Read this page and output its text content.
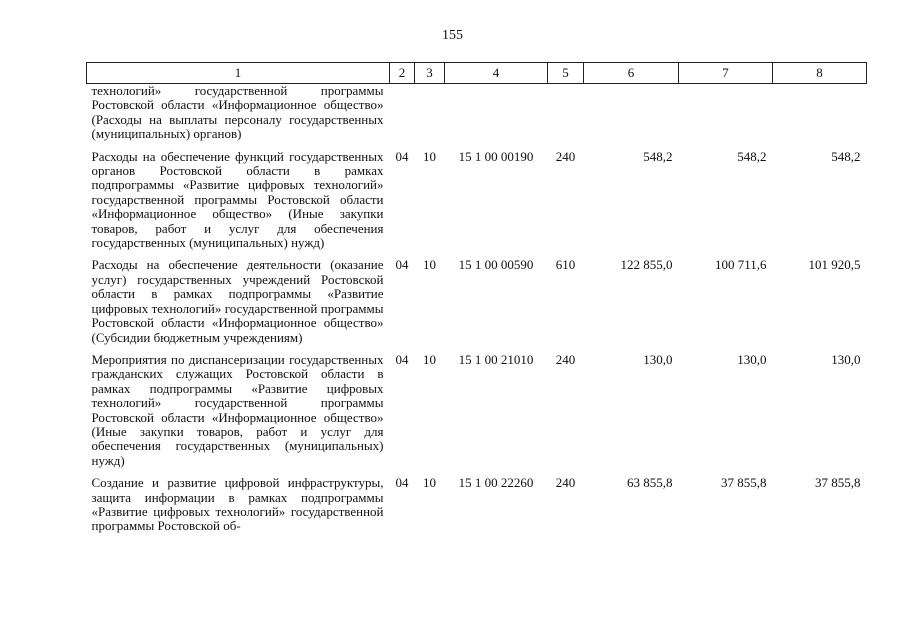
155
1	2	3	4	5	6	7	8
технологий» государственной программы Ростовской области «Информационное общество» (Расходы на выплаты персоналу государственных (муниципальных) органов)							
Расходы на обеспечение функций государственных органов Ростовской области в рамках подпрограммы «Развитие цифровых технологий» государственной программы Ростовской области «Информационное общество» (Иные закупки товаров, работ и услуг для обеспечения государственных (муниципальных) нужд)	04	10	15 1 00 00190	240	548,2	548,2	548,2
Расходы на обеспечение деятельности (оказание услуг) государственных учреждений Ростовской области в рамках подпрограммы «Развитие цифровых технологий» государственной программы Ростовской области «Информационное общество» (Субсидии бюджетным учреждениям)	04	10	15 1 00 00590	610	122 855,0	100 711,6	101 920,5
Мероприятия по диспансеризации государственных гражданских служащих Ростовской области в рамках подпрограммы «Развитие цифровых технологий» государственной программы Ростовской области «Информационное общество» (Иные закупки товаров, работ и услуг для обеспечения государственных (муниципальных) нужд)	04	10	15 1 00 21010	240	130,0	130,0	130,0
Создание и развитие цифровой инфраструктуры, защита информации в рамках подпрограммы «Развитие цифровых технологий» государственной программы Ростовской об-	04	10	15 1 00 22260	240	63 855,8	37 855,8	37 855,8
